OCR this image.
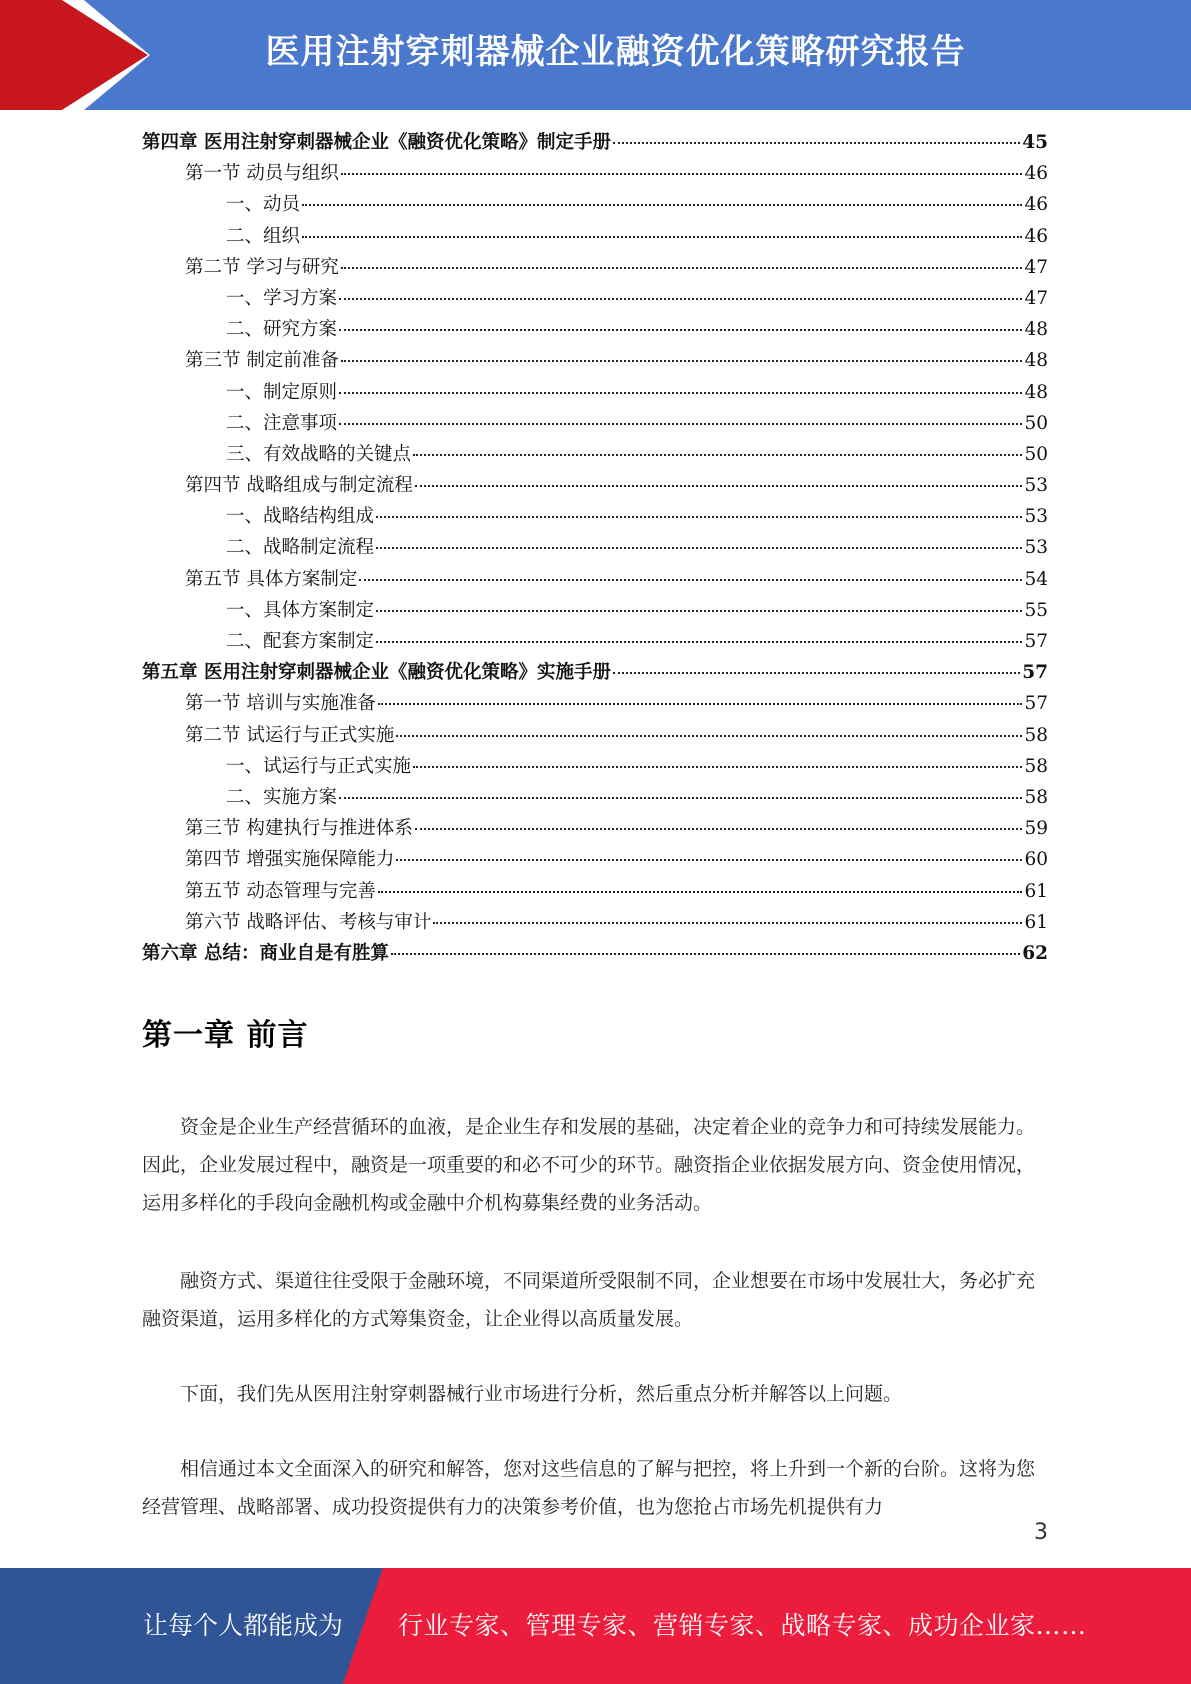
医用注射穿刺器械企业融资优化策略研究报告
第四章 医用注射穿刺器械企业《融资优化策略》制定手册	45
第一节 动员与组织	46
一、动员	46
二、组织	46
第二节 学习与研究	47
一、学习方案	47
二、研究方案	48
第三节 制定前准备	48
一、制定原则	48
二、注意事项	50
三、有效战略的关键点	50
第四节 战略组成与制定流程	53
一、战略结构组成	53
二、战略制定流程	53
第五节 具体方案制定	54
一、具体方案制定	55
二、配套方案制定	57
第五章 医用注射穿刺器械企业《融资优化策略》实施手册	57
第一节 培训与实施准备	57
第二节 试运行与正式实施	58
一、试运行与正式实施	58
二、实施方案	58
第三节 构建执行与推进体系	59
第四节 增强实施保障能力	60
第五节 动态管理与完善	61
第六节 战略评估、考核与审计	61
第六章 总结：商业自是有胜算	62
第一章 前言

资金是企业生产经营循环的血液，是企业生存和发展的基础，决定着企业的竞争力和可持续发展能力。因此，企业发展过程中，融资是一项重要的和必不可少的环节。融资指企业依据发展方向、资金使用情况，运用多样化的手段向金融机构或金融中介机构募集经费的业务活动。

融资方式、渠道往往受限于金融环境，不同渠道所受限制不同，企业想要在市场中发展壮大，务必扩充融资渠道，运用多样化的方式筹集资金，让企业得以高质量发展。

下面，我们先从医用注射穿刺器械行业市场进行分析，然后重点分析并解答以上问题。

相信通过本文全面深入的研究和解答，您对这些信息的了解与把控，将上升到一个新的台阶。这将为您经营管理、战略部署、成功投资提供有力的决策参考价值，也为您抢占市场先机提供有力

3
让每个人都能成为 行业专家、管理专家、营销专家、战略专家、成功企业家……
